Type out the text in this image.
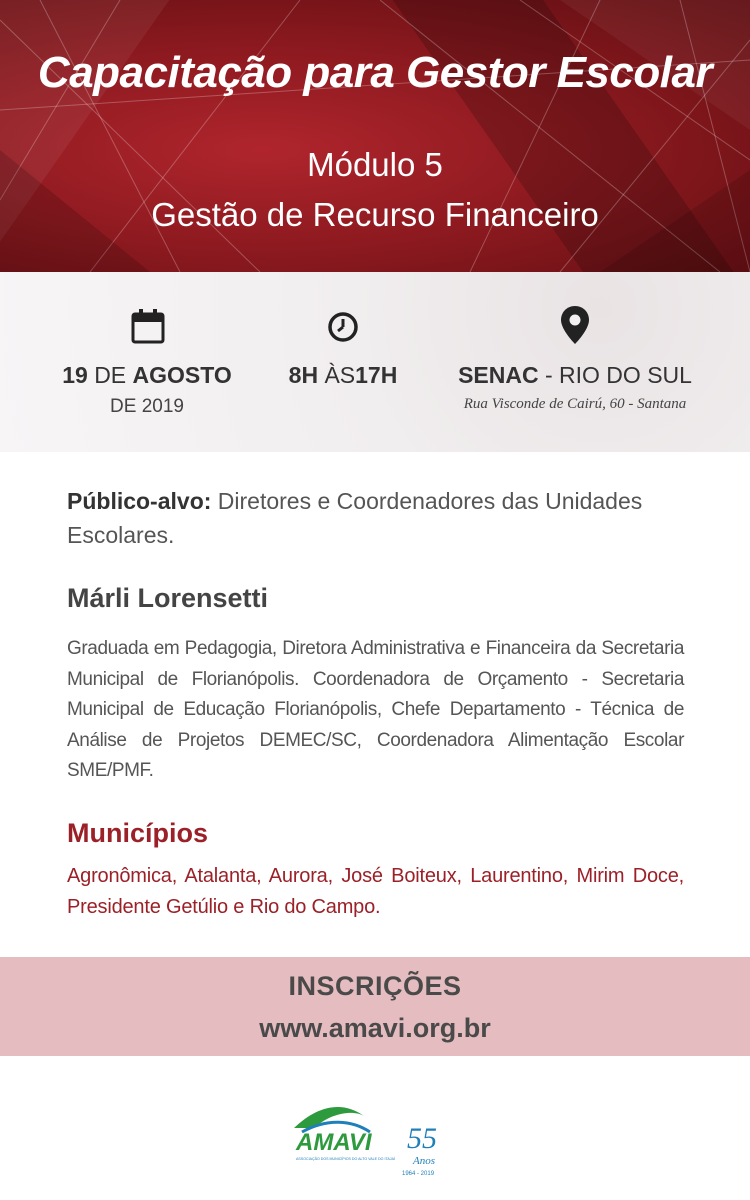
Capacitação para Gestor Escolar
Módulo 5
Gestão de Recurso Financeiro
19 DE AGOSTO
DE 2019
8H ÀS17H	SENAC - RIO DO SUL
Rua Visconde de Cairú, 60 - Santana
Público-alvo: Diretores e Coordenadores das Unidades Escolares.
Márli Lorensetti
Graduada em Pedagogia, Diretora Administrativa e Financeira da Secretaria Municipal de Florianópolis. Coordenadora de Orçamento - Secretaria Municipal de Educação Florianópolis, Chefe Departamento - Técnica de Análise de Projetos DEMEC/SC, Coordenadora Alimentação Escolar SME/PMF.
Municípios
Agronômica, Atalanta, Aurora, José Boiteux, Laurentino, Mirim Doce, Presidente Getúlio e Rio do Campo.
INSCRIÇÕES
www.amavi.org.br
AMAVI 55
Anos
1964 - 2019
ASSOCIAÇÃO DOS MUNICÍPIOS DO ALTO VALE DO ITAJAÍ
